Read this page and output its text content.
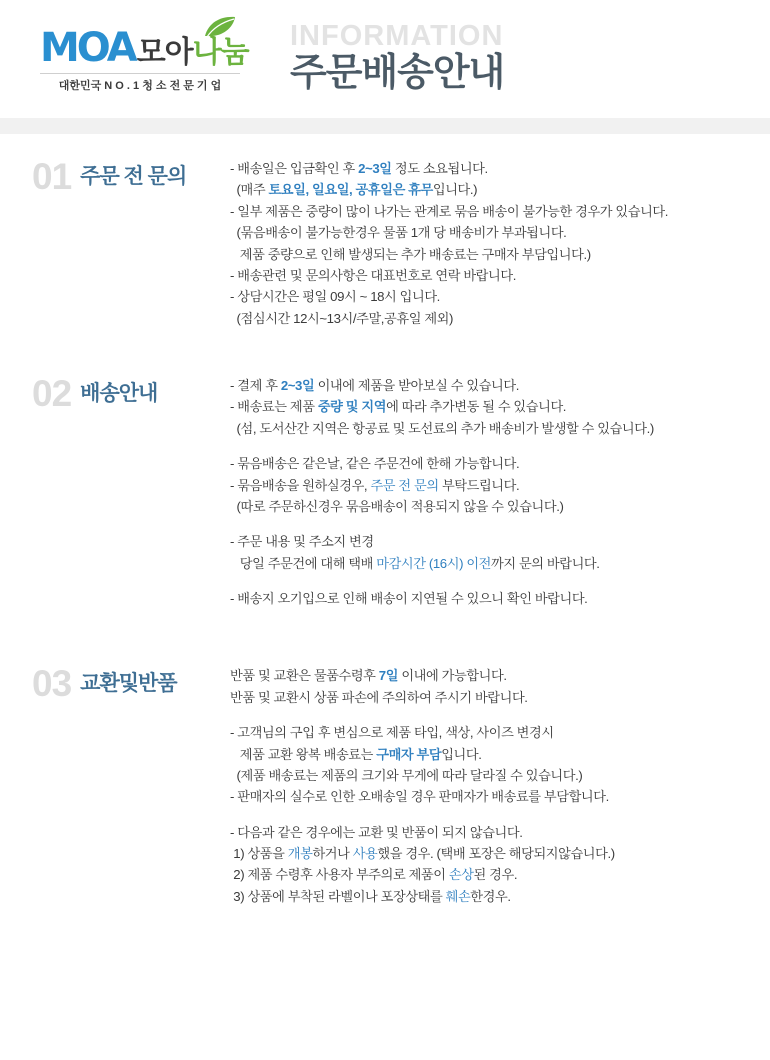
MOA 모아나눔
대한민국 N O . 1 청 소 전 문 기 업
INFORMATION
주문배송안내
01 주문 전 문의	- 배송일은 입금확인 후 2~3일 정도 소요됩니다.
(매주 토요일, 일요일, 공휴일은 휴무입니다.)
- 일부 제품은 중량이 많이 나가는 관계로 묶음 배송이 불가능한 경우가 있습니다.
(묶음배송이 불가능한경우 물품 1개 당 배송비가 부과됩니다.
제품 중량으로 인해 발생되는 추가 배송료는 구매자 부담입니다.)
- 배송관련 및 문의사항은 대표번호로 연락 바랍니다.
- 상담시간은 평일 09시 ~ 18시 입니다.
(점심시간 12시~13시/주말,공휴일 제외)
02 배송안내	- 결제 후 2~3일 이내에 제품을 받아보실 수 있습니다.
- 배송료는 제품 중량 및 지역에 따라 추가변동 될 수 있습니다.
(섬, 도서산간 지역은 항공료 및 도선료의 추가 배송비가 발생할 수 있습니다.)
- 묶음배송은 같은날, 같은 주문건에 한해 가능합니다.
- 묶음배송을 원하실경우, 주문 전 문의 부탁드립니다.
(따로 주문하신경우 묶음배송이 적용되지 않을 수 있습니다.)
- 주문 내용 및 주소지 변경
당일 주문건에 대해 택배 마감시간 (16시) 이전까지 문의 바랍니다.
- 배송지 오기입으로 인해 배송이 지연될 수 있으니 확인 바랍니다.
03 교환및반품	반품 및 교환은 물품수령후 7일 이내에 가능합니다.
반품 및 교환시 상품 파손에 주의하여 주시기 바랍니다.
- 고객님의 구입 후 변심으로 제품 타입, 색상, 사이즈 변경시
제품 교환 왕복 배송료는 구매자 부담입니다.
(제품 배송료는 제품의 크기와 무게에 따라 달라질 수 있습니다.)
- 판매자의 실수로 인한 오배송일 경우 판매자가 배송료를 부담합니다.
- 다음과 같은 경우에는 교환 및 반품이 되지 않습니다.
1) 상품을 개봉하거나 사용했을 경우. (택배 포장은 해당되지않습니다.)
2) 제품 수령후 사용자 부주의로 제품이 손상된 경우.
3) 상품에 부착된 라벨이나 포장상태를 훼손한경우.
